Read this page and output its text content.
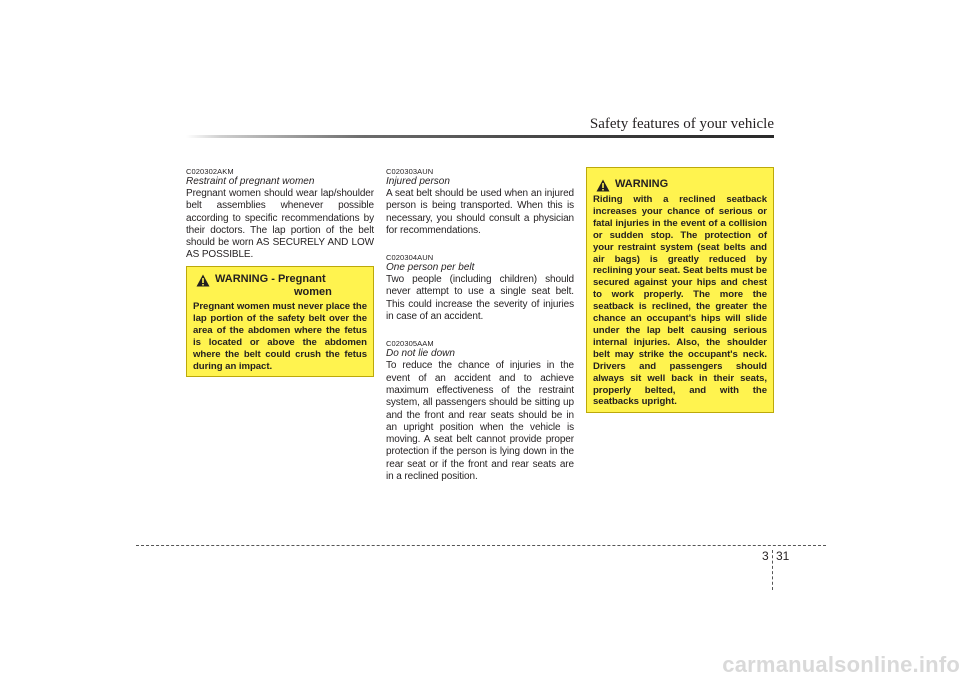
Safety features of your vehicle

C020302AKM

Restraint of pregnant women

Pregnant women should wear lap/shoulder belt assemblies whenever possible according to specific recommendations by their doctors. The lap portion of the belt should be worn AS SECURELY AND LOW AS POSSIBLE.

WARNING - Pregnant
women

Pregnant women must never place the lap portion of the safety belt over the area of the abdomen where the fetus is located or above the abdomen where the belt could crush the fetus during an impact.

C020303AUN

Injured person

A seat belt should be used when an injured person is being transported. When this is necessary, you should consult a physician for recommendations.

C020304AUN

One person per belt

Two people (including children) should never attempt to use a single seat belt. This could increase the severity of injuries in case of an accident.

C020305AAM

Do not lie down

To reduce the chance of injuries in the event of an accident and to achieve maximum effectiveness of the restraint system, all passengers should be sitting up and the front and rear seats should be in an upright position when the vehicle is moving. A seat belt cannot provide proper protection if the person is lying down in the rear seat or if the front and rear seats are in a reclined position.

WARNING

Riding with a reclined seatback increases your chance of serious or fatal injuries in the event of a collision or sudden stop. The protection of your restraint system (seat belts and air bags) is greatly reduced by reclining your seat. Seat belts must be secured against your hips and chest to work properly. The more the seatback is reclined, the greater the chance an occupant's hips will slide under the lap belt causing serious internal injuries. Also, the shoulder belt may strike the occupant's neck. Drivers and passengers should always sit well back in their seats, properly belted, and with the seatbacks upright.

3 31
carmanualsonline.info
